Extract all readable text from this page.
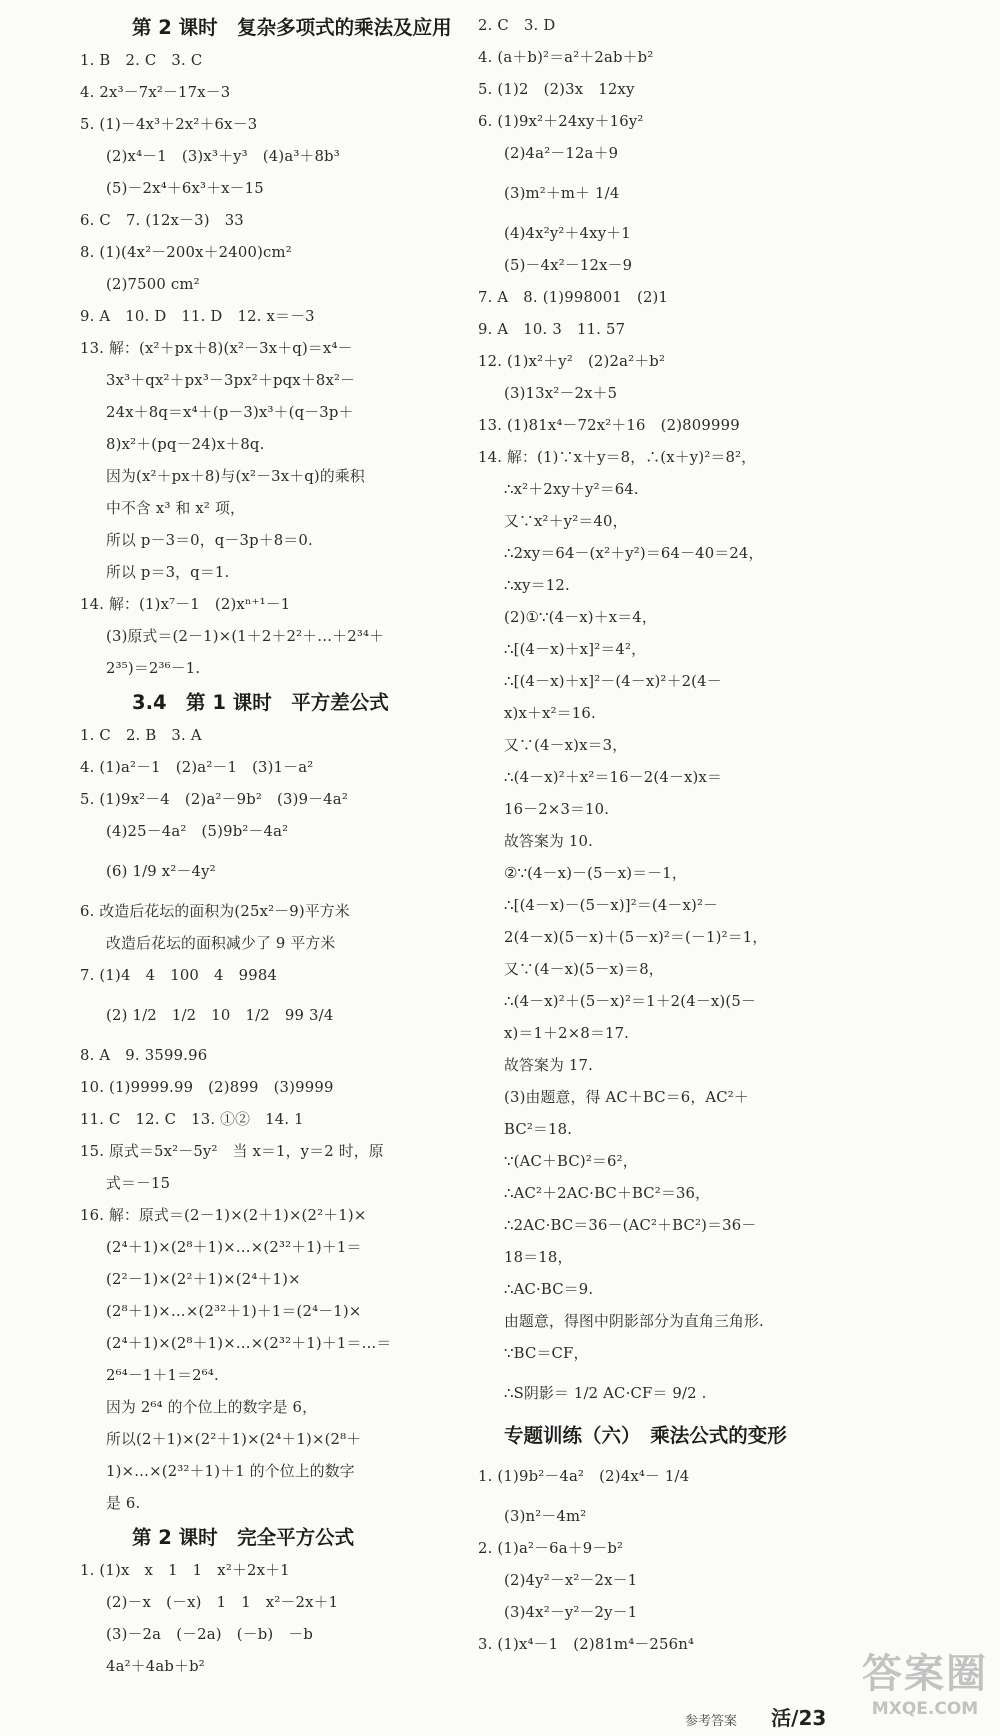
第 2 课时　复杂多项式的乘法及应用
1. B　2. C　3. C
4. 2x³－7x²－17x－3
5. (1)－4x³＋2x²＋6x－3
(2)x⁴－1　(3)x³＋y³　(4)a³＋8b³
(5)－2x⁴＋6x³＋x－15
6. C　7. (12x－3)　33
8. (1)(4x²－200x＋2400)cm²
(2)7500 cm²
9. A　10. D　11. D　12. x＝－3
13. 解：(x²＋px＋8)(x²－3x＋q)＝x⁴－
3x³＋qx²＋px³－3px²＋pqx＋8x²－
24x＋8q＝x⁴＋(p－3)x³＋(q－3p＋
8)x²＋(pq－24)x＋8q.
因为(x²＋px＋8)与(x²－3x＋q)的乘积
中不含 x³ 和 x² 项，
所以 p－3＝0，q－3p＋8＝0.
所以 p＝3，q＝1.
14. 解：(1)x⁷－1　(2)xⁿ⁺¹－1
(3)原式＝(2－1)×(1＋2＋2²＋…＋2³⁴＋
2³⁵)＝2³⁶－1.
3.4　第 1 课时　平方差公式
1. C　2. B　3. A
4. (1)a²－1　(2)a²－1　(3)1－a²
5. (1)9x²－4　(2)a²－9b²　(3)9－4a²
(4)25－4a²　(5)9b²－4a²
(6) 1/9 x²－4y²
6. 改造后花坛的面积为(25x²－9)平方米
改造后花坛的面积减少了 9 平方米
7. (1)4　4　100　4　9984
(2) 1/2　1/2　10　1/2　99 3/4
8. A　9. 3599.96
10. (1)9999.99　(2)899　(3)9999
11. C　12. C　13. ①②　14. 1
15. 原式＝5x²－5y²　当 x＝1，y＝2 时，原
式＝－15
16. 解：原式＝(2－1)×(2＋1)×(2²＋1)×
(2⁴＋1)×(2⁸＋1)×…×(2³²＋1)＋1＝
(2²－1)×(2²＋1)×(2⁴＋1)×
(2⁸＋1)×…×(2³²＋1)＋1＝(2⁴－1)×
(2⁴＋1)×(2⁸＋1)×…×(2³²＋1)＋1＝…＝
2⁶⁴－1＋1＝2⁶⁴.
因为 2⁶⁴ 的个位上的数字是 6，
所以(2＋1)×(2²＋1)×(2⁴＋1)×(2⁸＋
1)×…×(2³²＋1)＋1 的个位上的数字
是 6.
第 2 课时　完全平方公式
1. (1)x　x　1　1　x²＋2x＋1
(2)－x　(－x)　1　1　x²－2x＋1
(3)－2a　(－2a)　(－b)　－b
4a²＋4ab＋b²
2. C　3. D
4. (a＋b)²＝a²＋2ab＋b²
5. (1)2　(2)3x　12xy
6. (1)9x²＋24xy＋16y²
(2)4a²－12a＋9
(3)m²＋m＋ 1/4
(4)4x²y²＋4xy＋1
(5)－4x²－12x－9
7. A　8. (1)998001　(2)1
9. A　10. 3　11. 57
12. (1)x²＋y²　(2)2a²＋b²
(3)13x²－2x＋5
13. (1)81x⁴－72x²＋16　(2)809999
14. 解：(1)∵x＋y＝8，∴(x＋y)²＝8²，
∴x²＋2xy＋y²＝64.
又∵x²＋y²＝40，
∴2xy＝64－(x²＋y²)＝64－40＝24，
∴xy＝12.
(2)①∵(4－x)＋x＝4，
∴[(4－x)＋x]²＝4²，
∴[(4－x)＋x]²－(4－x)²＋2(4－
x)x＋x²＝16.
又∵(4－x)x＝3，
∴(4－x)²＋x²＝16－2(4－x)x＝
16－2×3＝10.
故答案为 10.
②∵(4－x)－(5－x)＝－1，
∴[(4－x)－(5－x)]²＝(4－x)²－
2(4－x)(5－x)＋(5－x)²＝(－1)²＝1，
又∵(4－x)(5－x)＝8，
∴(4－x)²＋(5－x)²＝1＋2(4－x)(5－
x)＝1＋2×8＝17.
故答案为 17.
(3)由题意，得 AC＋BC＝6，AC²＋
BC²＝18.
∵(AC＋BC)²＝6²，
∴AC²＋2AC·BC＋BC²＝36，
∴2AC·BC＝36－(AC²＋BC²)＝36－
18＝18，
∴AC·BC＝9.
由题意，得图中阴影部分为直角三角形.
∵BC＝CF，
∴S阴影＝ 1/2 AC·CF＝ 9/2 .
专题训练（六）　乘法公式的变形
1. (1)9b²－4a²　(2)4x⁴－ 1/4
(3)n²－4m²
2. (1)a²－6a＋9－b²
(2)4y²－x²－2x－1
(3)4x²－y²－2y－1
3. (1)x⁴－1　(2)81m⁴－256n⁴
参考答案 活/23
答案圈
MXQE.COM
